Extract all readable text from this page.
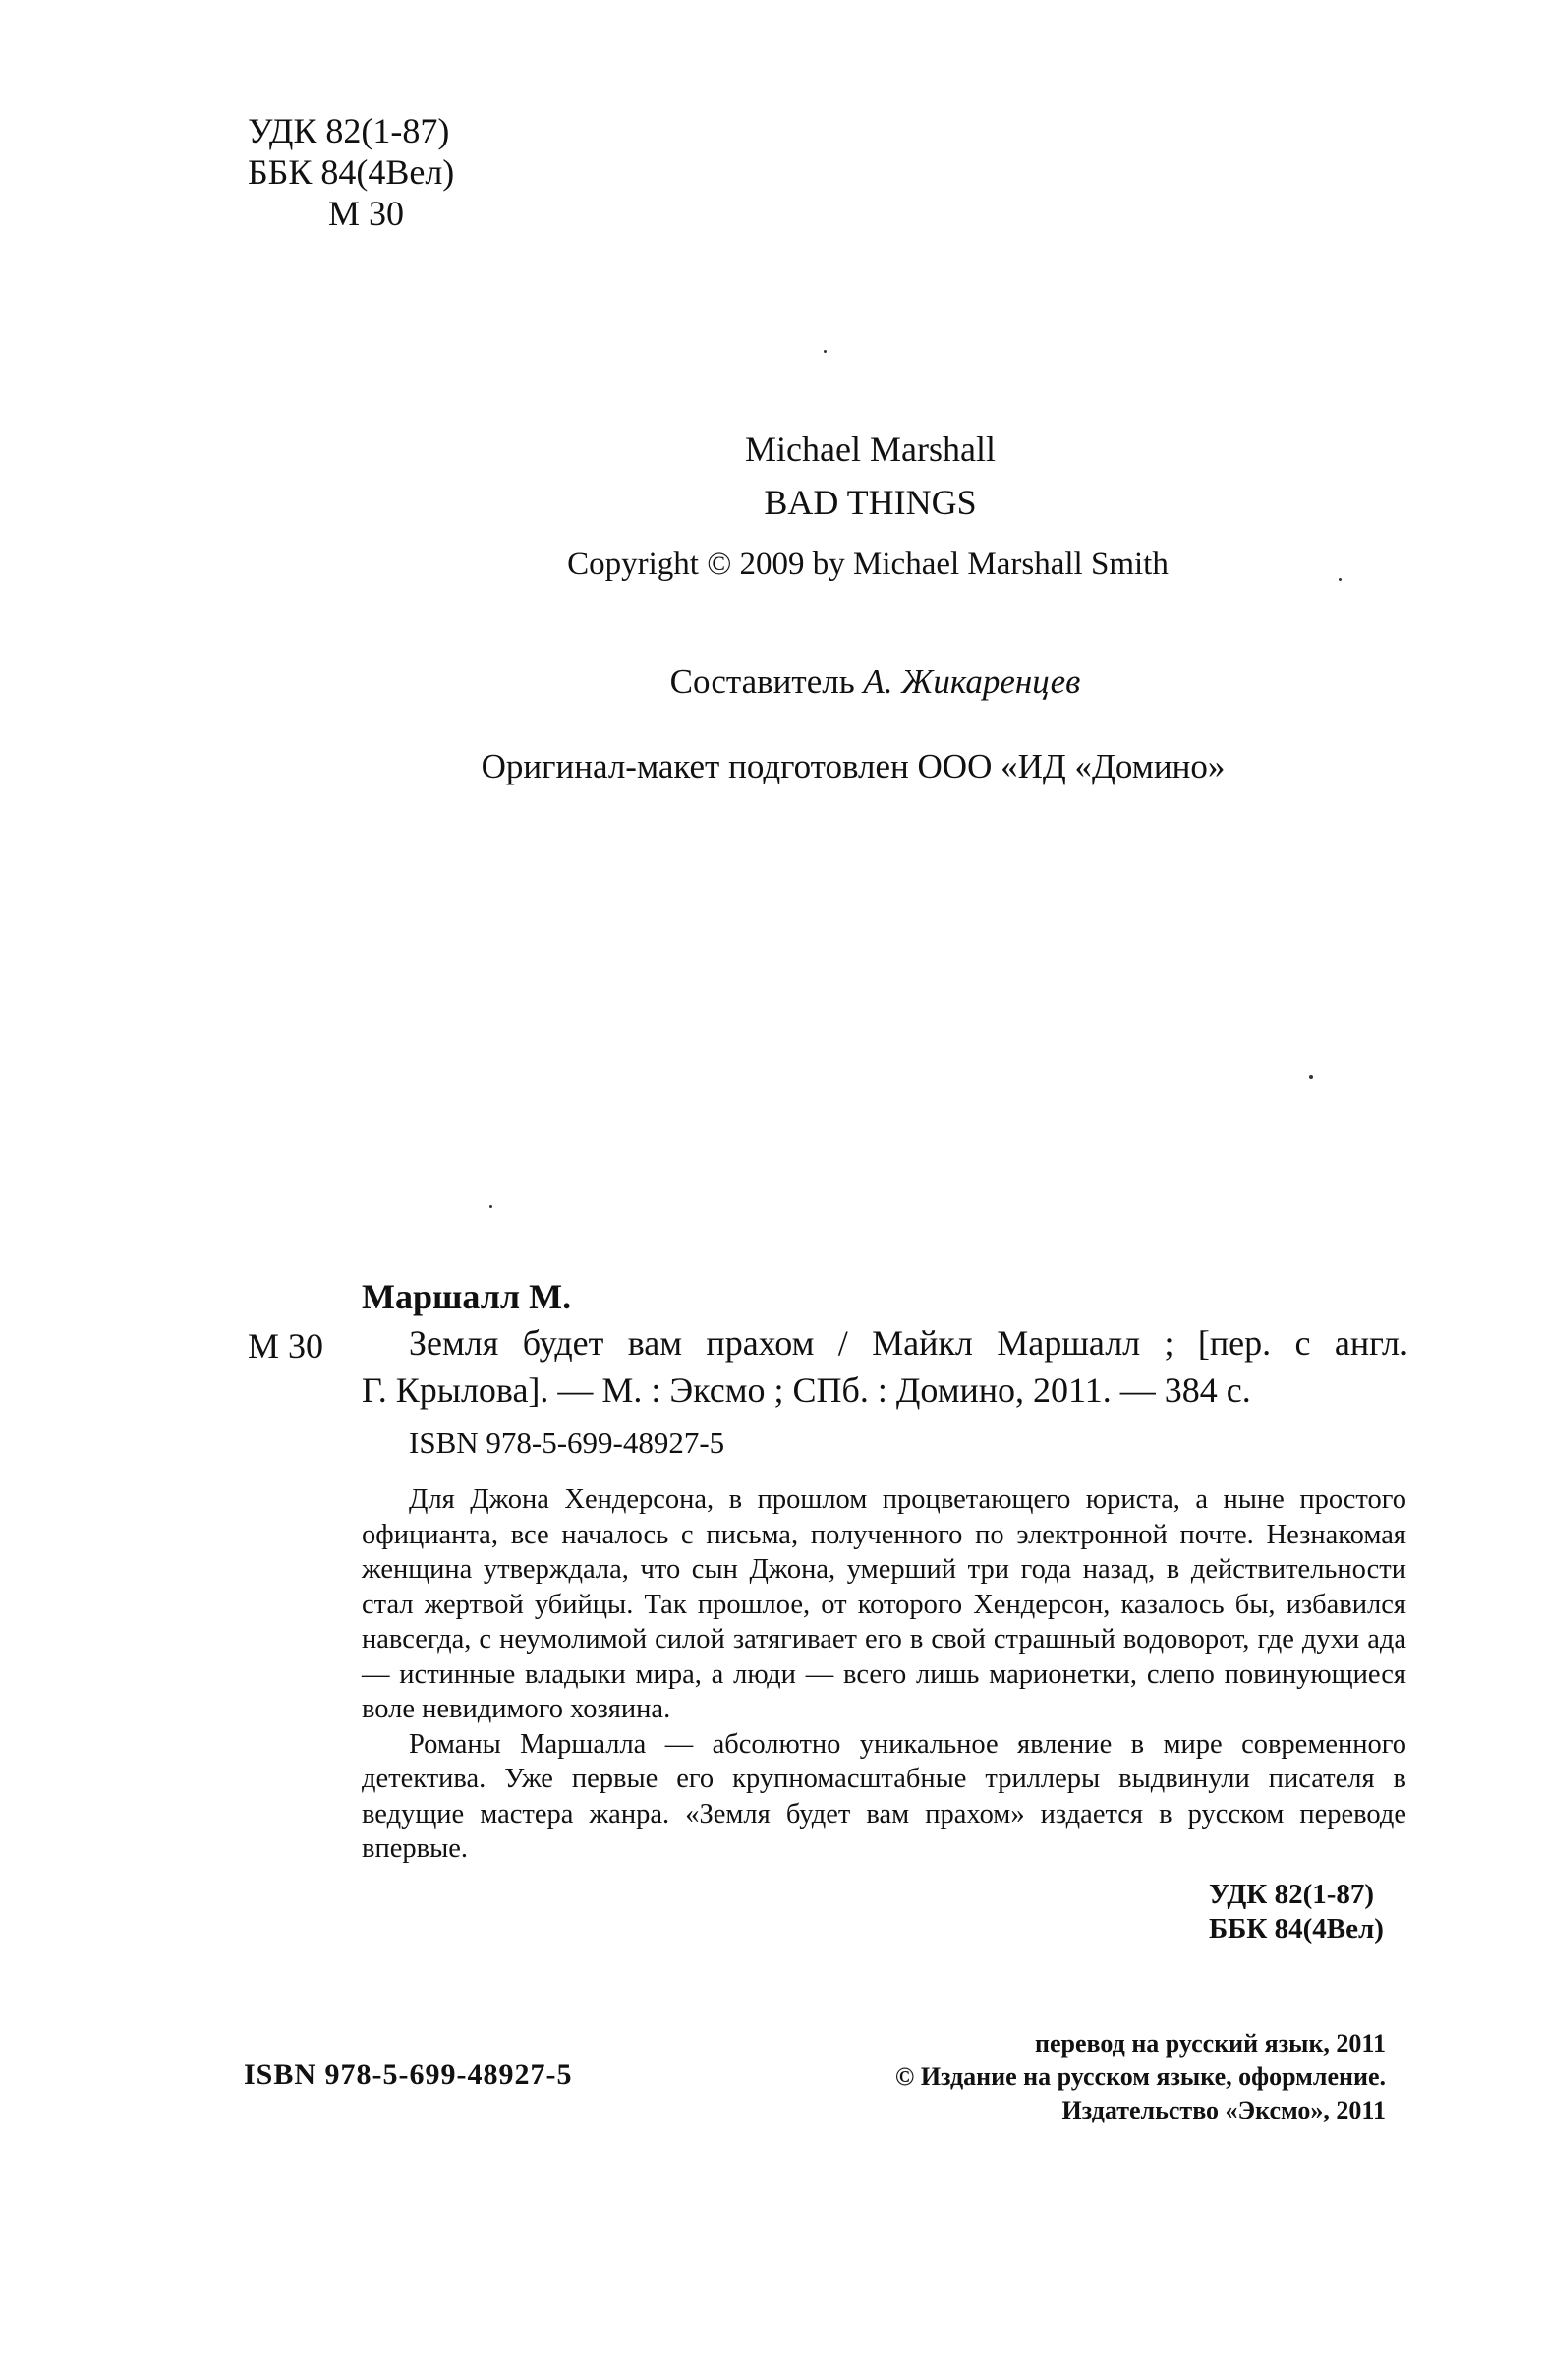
УДК 82(1-87)
ББК 84(4Вел)
М 30
Michael Marshall
BAD THINGS
Copyright © 2009 by Michael Marshall Smith
Составитель А. Жикаренцев
Оригинал-макет подготовлен ООО «ИД «Домино»
Маршалл М.
М 30	Земля будет вам прахом / Майкл Маршалл ; [пер. с англ.
Г. Крылова]. — М. : Эксмо ; СПб. : Домино, 2011. — 384 с.
ISBN 978-5-699-48927-5

Для Джона Хендерсона, в прошлом процветающего юриста, а ныне простого официанта, все началось с письма, полученного по электронной почте. Незнакомая женщина утверждала, что сын Джона, умерший три года назад, в действительности стал жертвой убийцы. Так прошлое, от которого Хендерсон, казалось бы, избавился навсегда, с неумолимой силой затягивает его в свой страшный водоворот, где духи ада — истинные владыки мира, а люди — всего лишь марионетки, слепо повинующиеся воле невидимого хозяина.

Романы Маршалла — абсолютно уникальное явление в мире современного детектива. Уже первые его крупномасштабные триллеры выдвинули писателя в ведущие мастера жанра. «Земля будет вам прахом» издается в русском переводе впервые.

УДК 82(1-87)
ББК 84(4Вел)
ISBN 978-5-699-48927-5
перевод на русский язык, 2011
© Издание на русском языке, оформление.
Издательство «Эксмо», 2011
